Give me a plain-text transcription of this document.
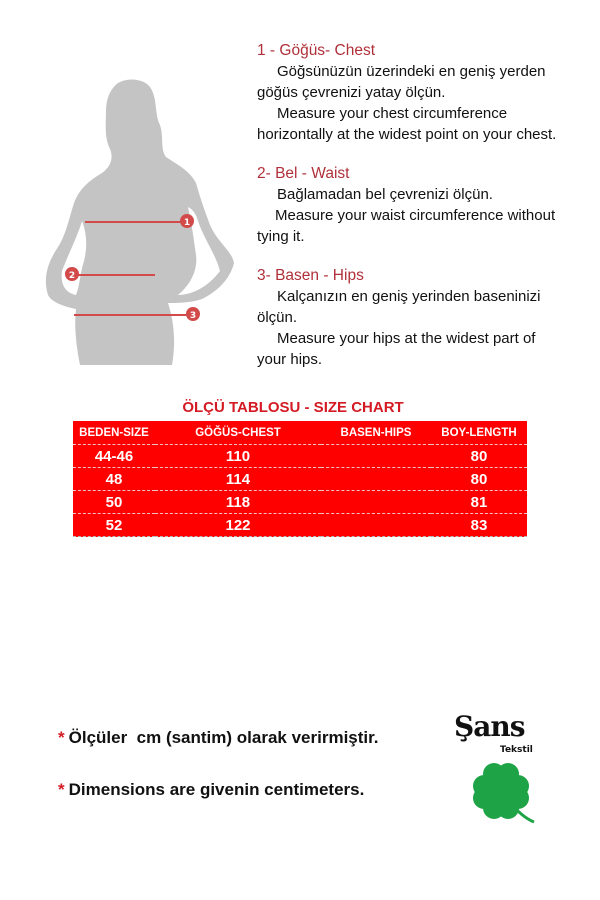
1
2
3
1 - Göğüs- Chest
Göğsünüzün üzerindeki en geniş yerden
göğüs çevrenizi yatay ölçün.
Measure your chest circumference
horizontally at the widest point on your chest.
2- Bel - Waist
Bağlamadan bel çevrenizi ölçün.
Measure your waist circumference without
tying it.
3- Basen - Hips
Kalçanızın en geniş yerinden baseninizi
ölçün.
Measure your hips at the widest part of
your hips.
ÖLÇÜ TABLOSU - SIZE CHART
BEDEN-SIZE	GÖĞÜS-CHEST	BASEN-HIPS	BOY-LENGTH
44-46	110		80
48	114		80
50	118		81
52	122		83
* Ölçüler  cm (santim) olarak verirmiştir.
* Dimensions are givenin centimeters.
Şans
Tekstil
